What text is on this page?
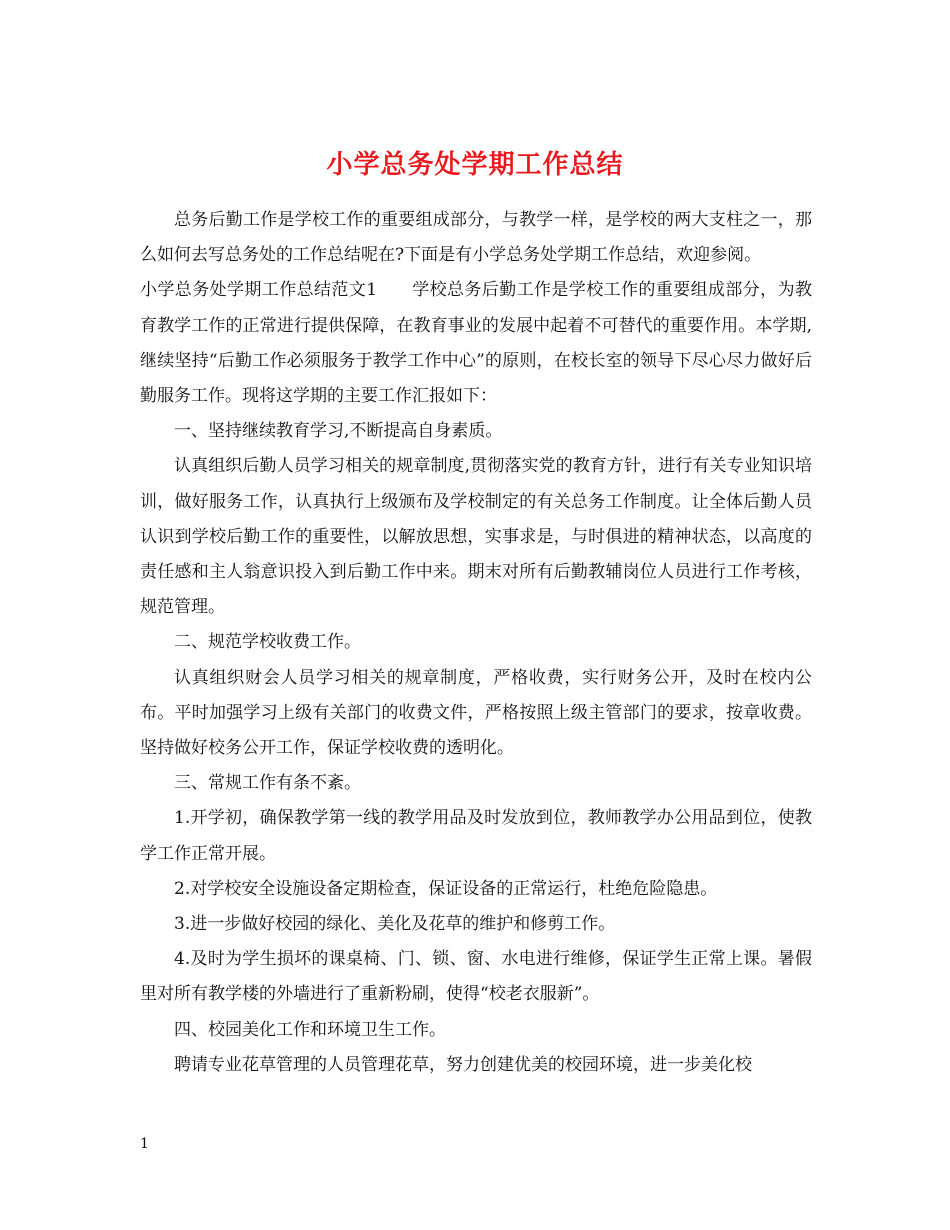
小学总务处学期工作总结

总务后勤工作是学校工作的重要组成部分，与教学一样，是学校的两大支柱之一，那么如何去写总务处的工作总结呢在?下面是有小学总务处学期工作总结，欢迎参阅。

小学总务处学期工作总结范文1　　学校总务后勤工作是学校工作的重要组成部分，为教育教学工作的正常进行提供保障，在教育事业的发展中起着不可替代的重要作用。本学期,继续坚持“后勤工作必须服务于教学工作中心”的原则，在校长室的领导下尽心尽力做好后勤服务工作。现将这学期的主要工作汇报如下：

一、坚持继续教育学习,不断提高自身素质。

认真组织后勤人员学习相关的规章制度,贯彻落实党的教育方针，进行有关专业知识培训，做好服务工作，认真执行上级颁布及学校制定的有关总务工作制度。让全体后勤人员认识到学校后勤工作的重要性，以解放思想，实事求是，与时俱进的精神状态，以高度的责任感和主人翁意识投入到后勤工作中来。期末对所有后勤教辅岗位人员进行工作考核，规范管理。

二、规范学校收费工作。

认真组织财会人员学习相关的规章制度，严格收费，实行财务公开，及时在校内公布。平时加强学习上级有关部门的收费文件，严格按照上级主管部门的要求，按章收费。坚持做好校务公开工作，保证学校收费的透明化。

三、常规工作有条不紊。

1.开学初，确保教学第一线的教学用品及时发放到位，教师教学办公用品到位，使教学工作正常开展。

2.对学校安全设施设备定期检查，保证设备的正常运行，杜绝危险隐患。

3.进一步做好校园的绿化、美化及花草的维护和修剪工作。

4.及时为学生损坏的课桌椅、门、锁、窗、水电进行维修，保证学生正常上课。暑假里对所有教学楼的外墙进行了重新粉刷，使得“校老衣服新”。

四、校园美化工作和环境卫生工作。

聘请专业花草管理的人员管理花草，努力创建优美的校园环境，进一步美化校

1
